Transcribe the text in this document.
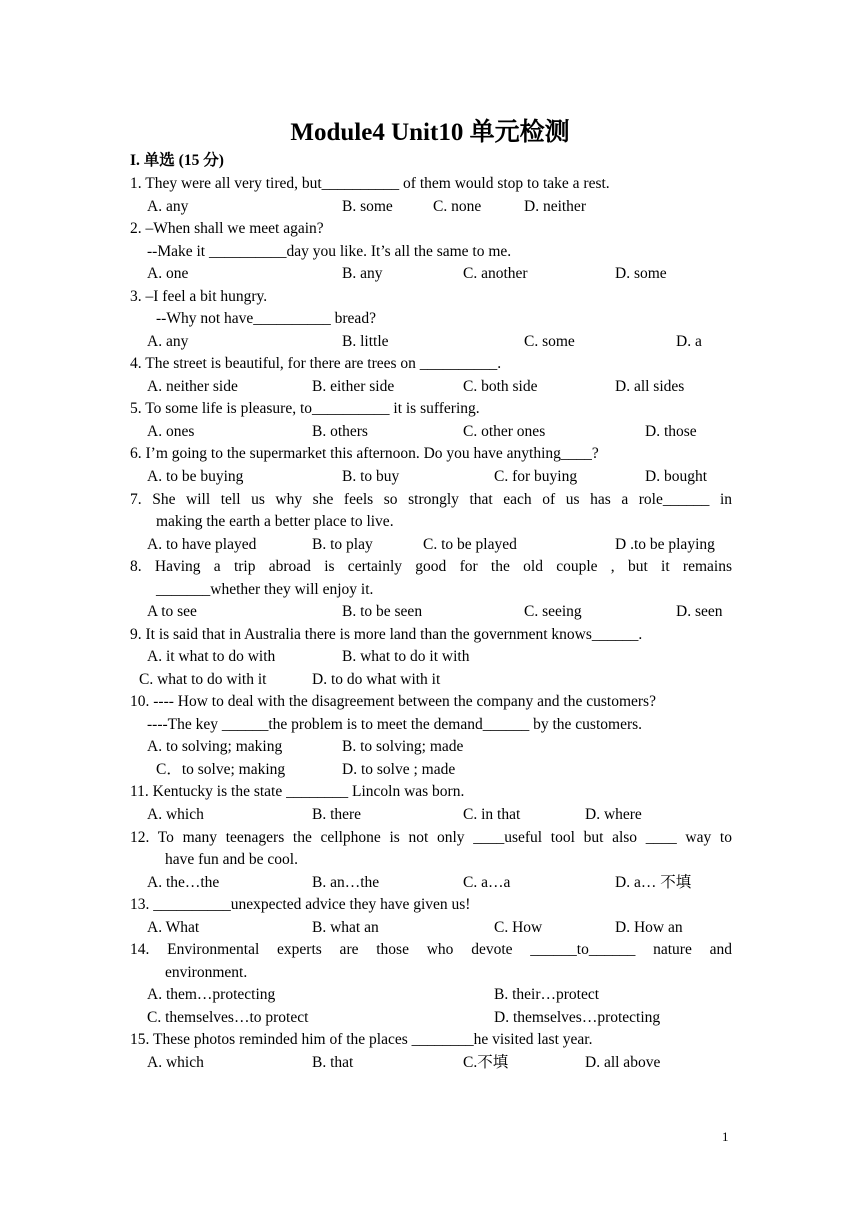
Module4 Unit10 单元检测
I. 单选 (15 分)
1. They were all very tired, but__________ of them would stop to take a rest.
A. any	B. some	C. none	D. neither
2. –When shall we meet again?
--Make it __________day you like. It’s all the same to me.
A. one	B. any	C. another	D. some
3. –I feel a bit hungry.
--Why not have__________ bread?
A. any	B. little	C. some	D. a
4. The street is beautiful, for there are trees on __________.
A. neither side	B. either side	C. both side	D. all sides
5. To some life is pleasure, to__________ it is suffering.
A. ones	B. others	C. other ones	D. those
6. I’m going to the supermarket this afternoon. Do you have anything____?
A. to be buying	B. to buy	C. for buying	D. bought
7. She will tell us why she feels so strongly that each of us has a role______ in
making the earth a better place to live.
A. to have played	B. to play	C. to be played	D .to be playing
8. Having a trip abroad is certainly good for the old couple , but it remains
_______whether they will enjoy it.
A to see	B. to be seen	C. seeing	D. seen
9. It is said that in Australia there is more land than the government knows______.
A. it what to do with	B. what to do it with
C. what to do with it	D. to do what with it
10. ---- How to deal with the disagreement between the company and the customers?
----The key ______the problem is to meet the demand______ by the customers.
A. to solving; making	B. to solving; made
C．to solve; making	D. to solve ; made
11. Kentucky is the state ________ Lincoln was born.
A. which	B. there	C. in that	D. where
12. To many teenagers the cellphone is not only ____useful tool but also ____ way to
have fun and be cool.
A. the…the	B. an…the	C. a…a	D. a… 不填
13. __________unexpected advice they have given us!
A. What	B. what an	C. How	D. How an
14. Environmental experts are those who devote ______to______ nature and
environment.
A. them…protecting	B. their…protect
C. themselves…to protect	D. themselves…protecting
15. These photos reminded him of the places ________he visited last year.
A. which	B. that	C.不填	D. all above
1
